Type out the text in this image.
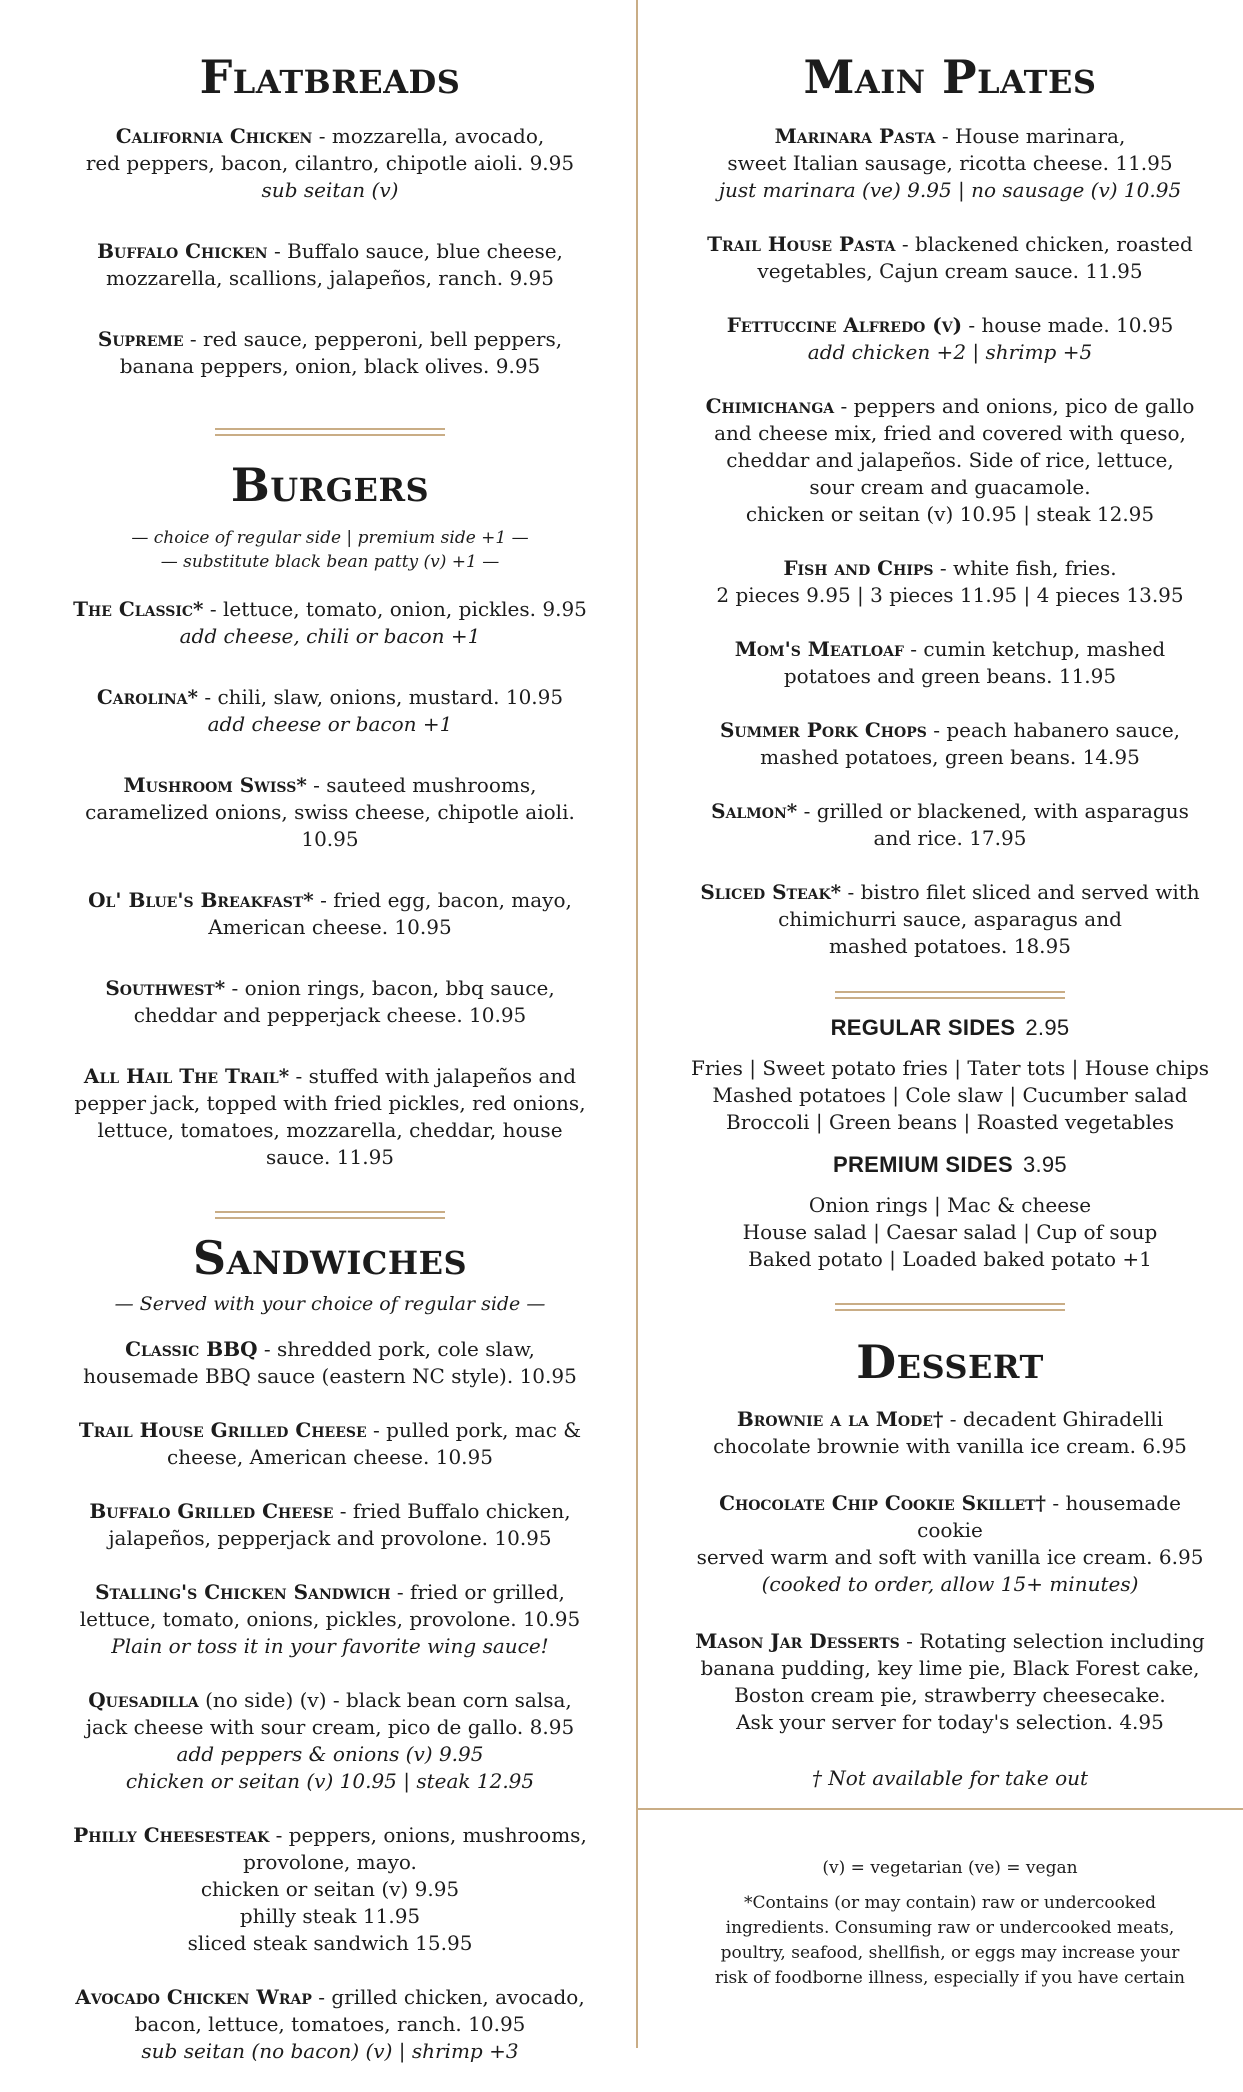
Flatbreads
California Chicken - mozzarella, avocado,
red peppers, bacon, cilantro, chipotle aioli. 9.95
sub seitan (v)
Buffalo Chicken - Buffalo sauce, blue cheese,
mozzarella, scallions, jalapeños, ranch. 9.95
Supreme - red sauce, pepperoni, bell peppers,
banana peppers, onion, black olives. 9.95
Burgers
— choice of regular side | premium side +1 —
— substitute black bean patty (v) +1 —
The Classic* - lettuce, tomato, onion, pickles. 9.95
add cheese, chili or bacon +1
Carolina* - chili, slaw, onions, mustard. 10.95
add cheese or bacon +1
Mushroom Swiss* - sauteed mushrooms,
caramelized onions, swiss cheese, chipotle aioli.
10.95
Ol' Blue's Breakfast* - fried egg, bacon, mayo,
American cheese. 10.95
Southwest* - onion rings, bacon, bbq sauce,
cheddar and pepperjack cheese. 10.95
All Hail The Trail* - stuffed with jalapeños and
pepper jack, topped with fried pickles, red onions,
lettuce, tomatoes, mozzarella, cheddar, house
sauce. 11.95
Sandwiches
— Served with your choice of regular side —
Classic BBQ - shredded pork, cole slaw,
housemade BBQ sauce (eastern NC style). 10.95
Trail House Grilled Cheese - pulled pork, mac &
cheese, American cheese. 10.95
Buffalo Grilled Cheese - fried Buffalo chicken,
jalapeños, pepperjack and provolone. 10.95
Stalling's Chicken Sandwich - fried or grilled,
lettuce, tomato, onions, pickles, provolone. 10.95
Plain or toss it in your favorite wing sauce!
Quesadilla (no side) (v) - black bean corn salsa,
jack cheese with sour cream, pico de gallo. 8.95
add peppers & onions (v) 9.95
chicken or seitan (v) 10.95 | steak 12.95
Philly Cheesesteak - peppers, onions, mushrooms,
provolone, mayo.
chicken or seitan (v) 9.95
philly steak 11.95
sliced steak sandwich 15.95
Avocado Chicken Wrap - grilled chicken, avocado,
bacon, lettuce, tomatoes, ranch. 10.95
sub seitan (no bacon) (v) | shrimp +3
Main Plates
Marinara Pasta - House marinara,
sweet Italian sausage, ricotta cheese. 11.95
just marinara (ve) 9.95 | no sausage (v) 10.95
Trail House Pasta - blackened chicken, roasted
vegetables, Cajun cream sauce. 11.95
Fettuccine Alfredo (v) - house made. 10.95
add chicken +2 | shrimp +5
Chimichanga - peppers and onions, pico de gallo
and cheese mix, fried and covered with queso,
cheddar and jalapeños. Side of rice, lettuce,
sour cream and guacamole.
chicken or seitan (v) 10.95 | steak 12.95
Fish and Chips - white fish, fries.
2 pieces 9.95 | 3 pieces 11.95 | 4 pieces 13.95
Mom's Meatloaf - cumin ketchup, mashed
potatoes and green beans. 11.95
Summer Pork Chops - peach habanero sauce,
mashed potatoes, green beans. 14.95
Salmon* - grilled or blackened, with asparagus
and rice. 17.95
Sliced Steak* - bistro filet sliced and served with
chimichurri sauce, asparagus and
mashed potatoes. 18.95
REGULAR SIDES 2.95
Fries | Sweet potato fries | Tater tots | House chips
Mashed potatoes | Cole slaw | Cucumber salad
Broccoli | Green beans | Roasted vegetables
PREMIUM SIDES 3.95
Onion rings | Mac & cheese
House salad | Caesar salad | Cup of soup
Baked potato | Loaded baked potato +1
Dessert
Brownie a la Mode† - decadent Ghiradelli
chocolate brownie with vanilla ice cream. 6.95
Chocolate Chip Cookie Skillet† - housemade cookie
served warm and soft with vanilla ice cream. 6.95
(cooked to order, allow 15+ minutes)
Mason Jar Desserts - Rotating selection including
banana pudding, key lime pie, Black Forest cake,
Boston cream pie, strawberry cheesecake.
Ask your server for today's selection. 4.95
† Not available for take out
(v) = vegetarian (ve) = vegan
*Contains (or may contain) raw or undercooked
ingredients. Consuming raw or undercooked meats,
poultry, seafood, shellfish, or eggs may increase your
risk of foodborne illness, especially if you have certain
